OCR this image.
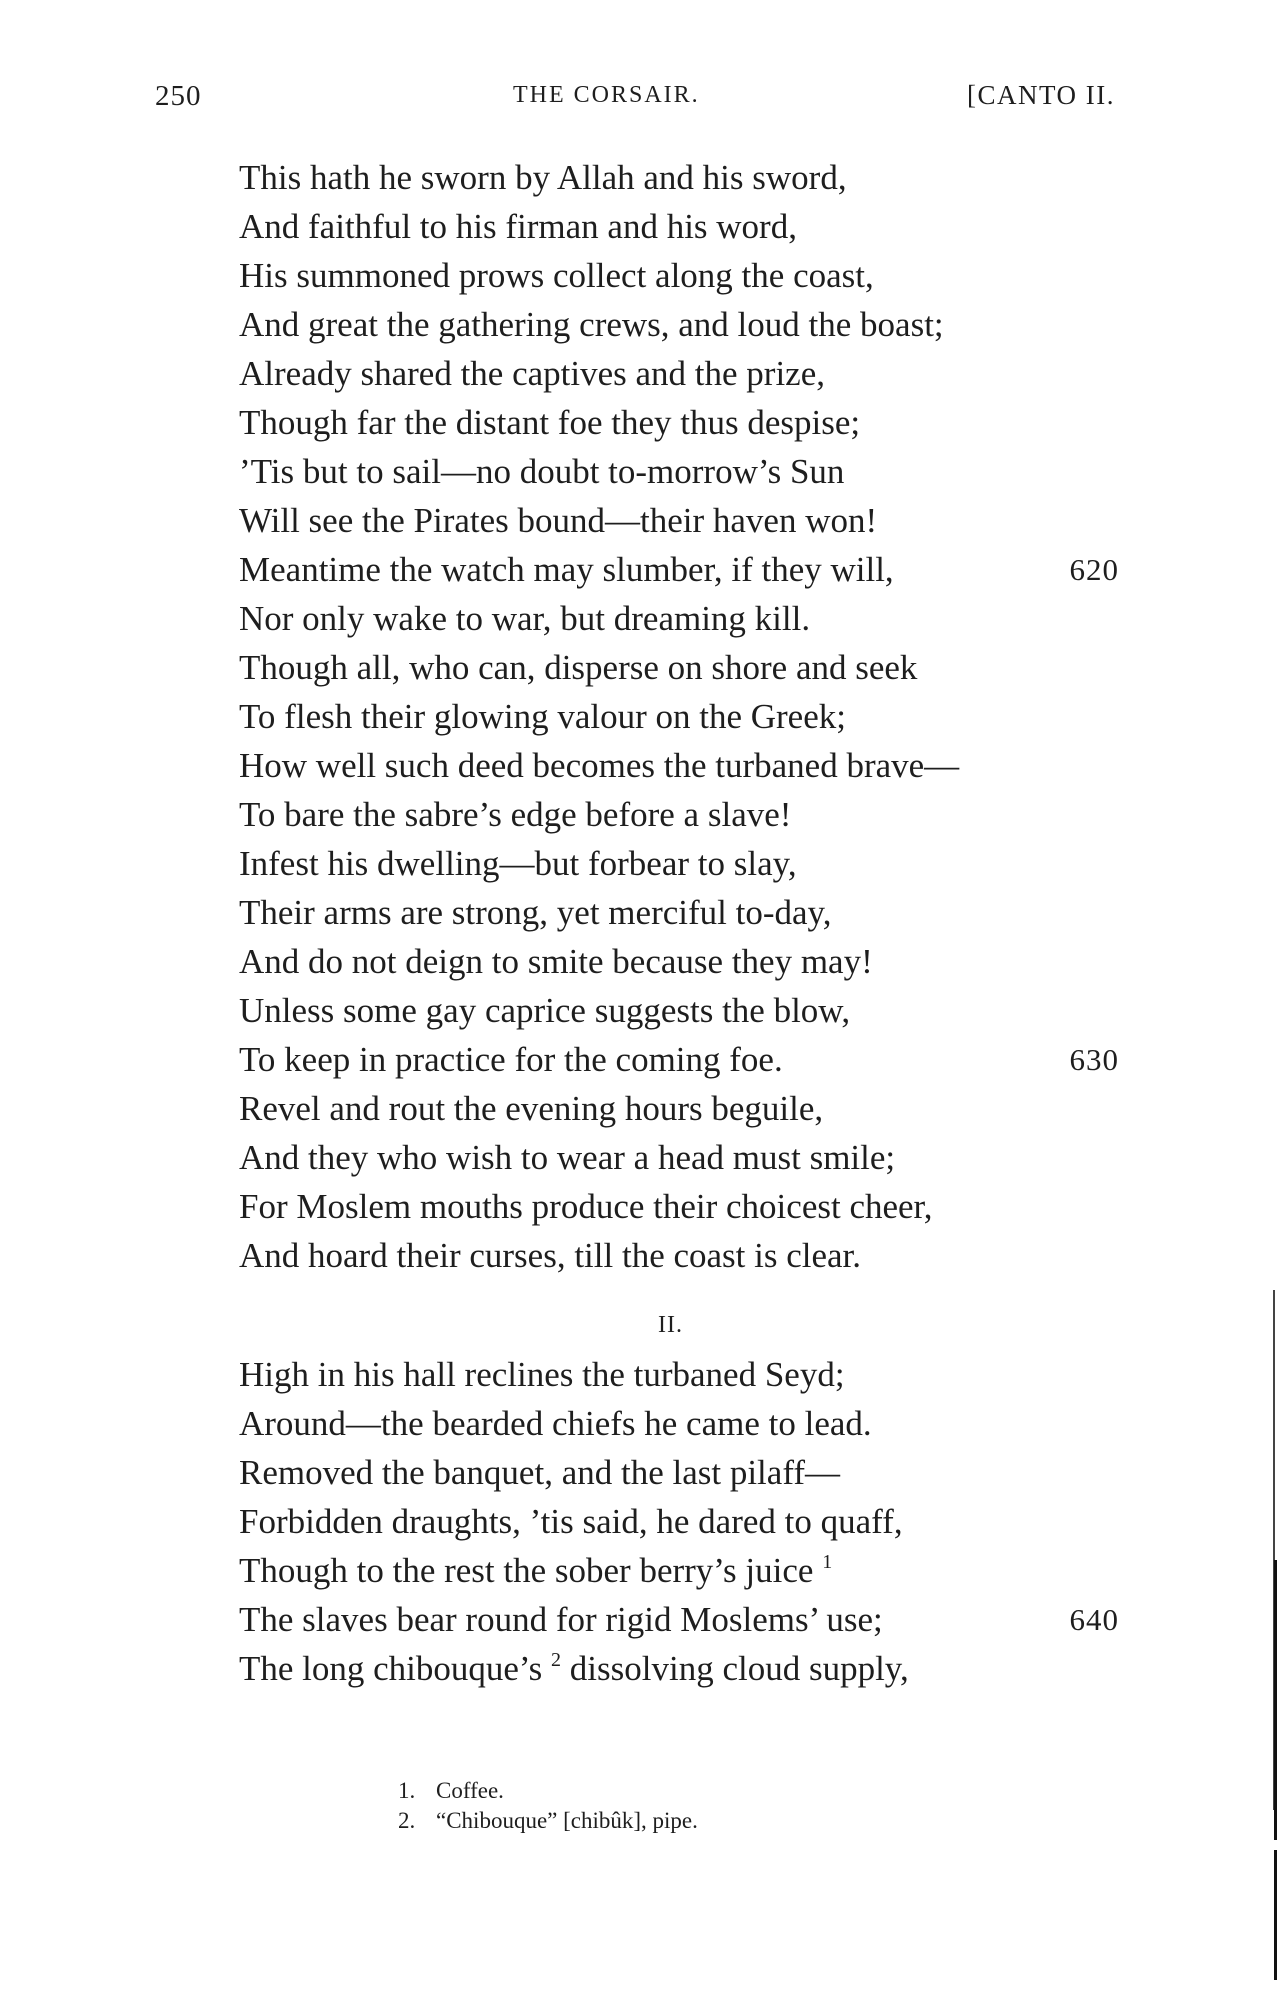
250	THE CORSAIR.	[CANTO II.
This hath he sworn by Allah and his sword,
And faithful to his firman and his word,
His summoned prows collect along the coast,
And great the gathering crews, and loud the boast;
Already shared the captives and the prize,
Though far the distant foe they thus despise;
’Tis but to sail—no doubt to-morrow’s Sun
Will see the Pirates bound—their haven won!
Meantime the watch may slumber, if they will,	620
Nor only wake to war, but dreaming kill.
Though all, who can, disperse on shore and seek
To flesh their glowing valour on the Greek;
How well such deed becomes the turbaned brave—
To bare the sabre’s edge before a slave!
Infest his dwelling—but forbear to slay,
Their arms are strong, yet merciful to-day,
And do not deign to smite because they may!
Unless some gay caprice suggests the blow,
To keep in practice for the coming foe.	630
Revel and rout the evening hours beguile,
And they who wish to wear a head must smile;
For Moslem mouths produce their choicest cheer,
And hoard their curses, till the coast is clear.
II.
High in his hall reclines the turbaned Seyd;
Around—the bearded chiefs he came to lead.
Removed the banquet, and the last pilaff—
Forbidden draughts, ’tis said, he dared to quaff,
Though to the rest the sober berry’s juice $^1$
The slaves bear round for rigid Moslems’ use;	640
The long chibouque’s $^2$ dissolving cloud supply,
1. Coffee.
2. “Chibouque” [chibûk], pipe.
